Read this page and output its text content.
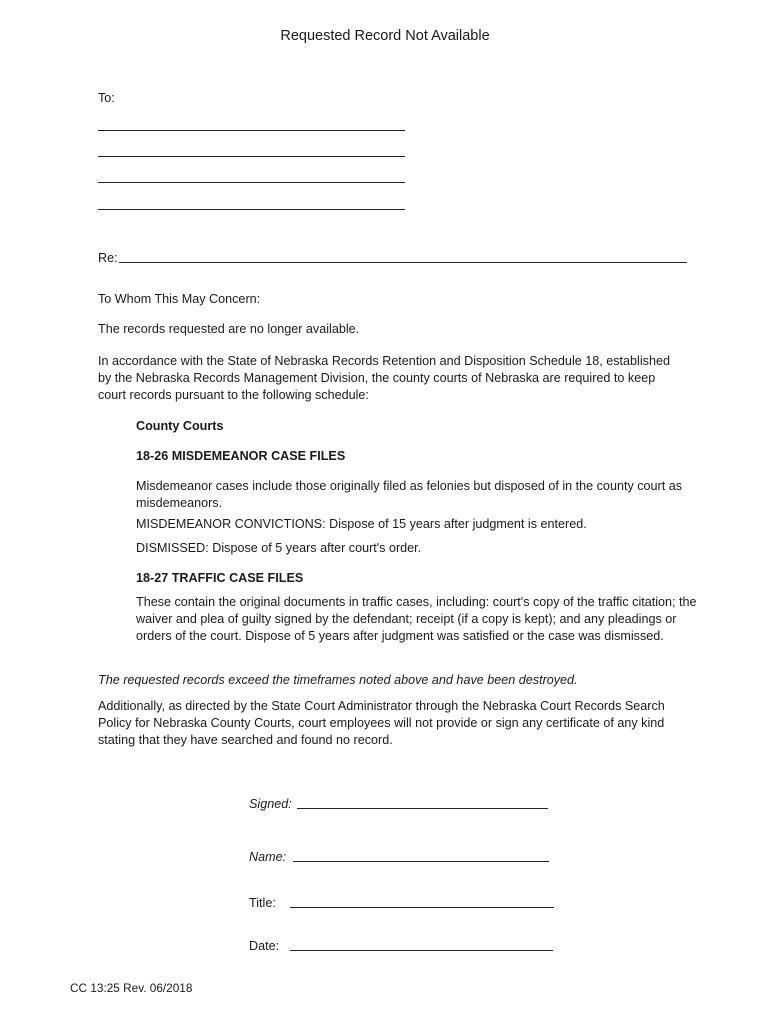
Requested Record Not Available
To:
Re:
To Whom This May Concern:
The records requested are no longer available.
In accordance with the State of Nebraska Records Retention and Disposition Schedule 18, established by the Nebraska Records Management Division, the county courts of Nebraska are required to keep court records pursuant to the following schedule:
County Courts
18-26 MISDEMEANOR CASE FILES
Misdemeanor cases include those originally filed as felonies but disposed of in the county court as misdemeanors.
MISDEMEANOR CONVICTIONS: Dispose of 15 years after judgment is entered.
DISMISSED: Dispose of 5 years after court's order.
18-27 TRAFFIC CASE FILES
These contain the original documents in traffic cases, including: court's copy of the traffic citation; the waiver and plea of guilty signed by the defendant; receipt (if a copy is kept); and any pleadings or orders of the court. Dispose of 5 years after judgment was satisfied or the case was dismissed.
The requested records exceed the timeframes noted above and have been destroyed.
Additionally, as directed by the State Court Administrator through the Nebraska Court Records Search Policy for Nebraska County Courts, court employees will not provide or sign any certificate of any kind stating that they have searched and found no record.
Signed:
Name:
Title:
Date:
CC 13:25 Rev. 06/2018
